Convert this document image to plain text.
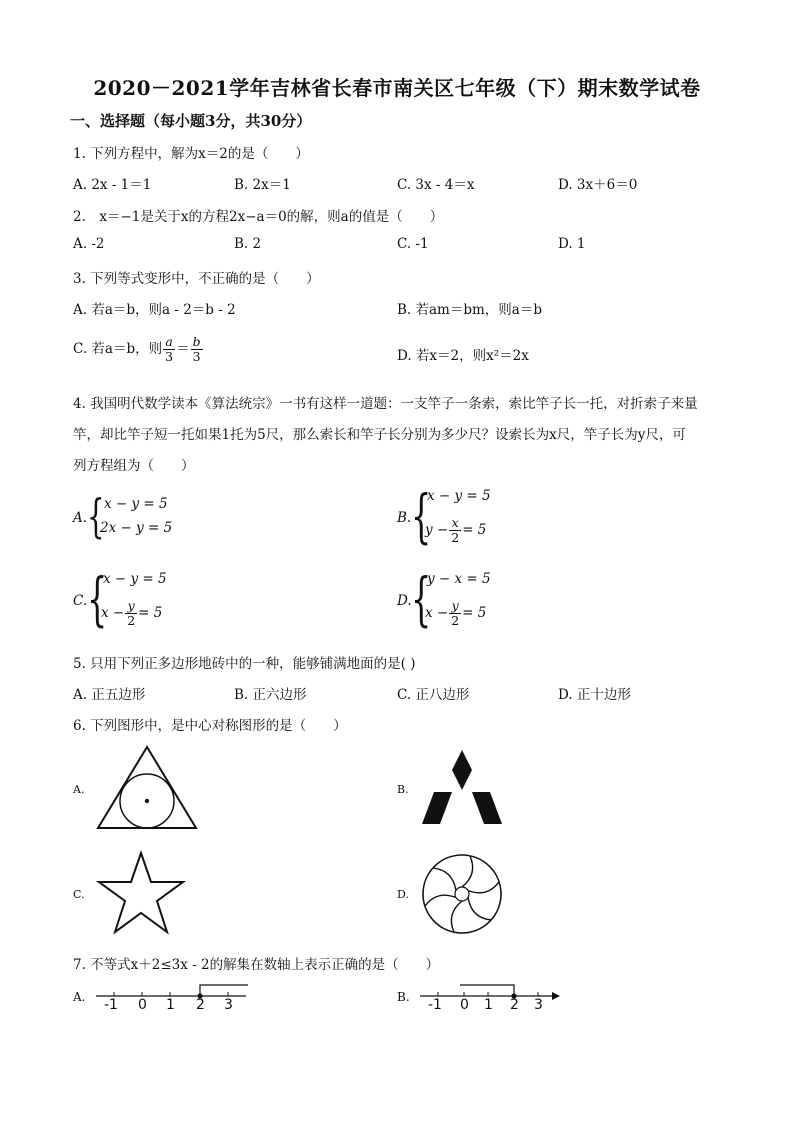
2020－2021学年吉林省长春市南关区七年级（下）期末数学试卷
一、选择题（每小题3分，共30分）
1. 下列方程中，解为x＝2的是（　　）
A. 2x - 1＝1	B. 2x＝1	C. 3x - 4＝x	D. 3x＋6＝0
2.　x＝−1是关于x的方程2x−a＝0的解，则a的值是（　　）
A. -2	B. 2	C. -1	D. 1
3. 下列等式变形中，不正确的是（　　）
A. 若a＝b，则a - 2＝b - 2	B. 若am＝bm，则a＝b
C. 若a＝b，则 $\frac{a}{3} = \frac{b}{3}$	D. 若x＝2，则x²＝2x
4. 我国明代数学读本《算法统宗》一书有这样一道题：一支竿子一条索，索比竿子长一托，对折索子来量
竿，却比竿子短一托如果1托为5尺，那么索长和竿子长分别为多少尺？设索长为x尺，竿子长为y尺，可
列方程组为（　　）
A. { x − y = 5
2x − y = 5
B. {
x − y = 5
$y - \frac{x}{2} = 5$
C. {
x − y = 5
$x - \frac{y}{2} = 5$
D. {
y − x = 5
$x - \frac{y}{2} = 5$
5. 只用下列正多边形地砖中的一种，能够铺满地面的是( )
A. 正五边形	B. 正六边形	C. 正八边形	D. 正十边形
6. 下列图形中，是中心对称图形的是（　　）
A.	B.
C.	D.
7. 不等式x＋2≤3x - 2的解集在数轴上表示正确的是（　　）
A. -1 0 1 2 3	B. -1 0 1 2 3
